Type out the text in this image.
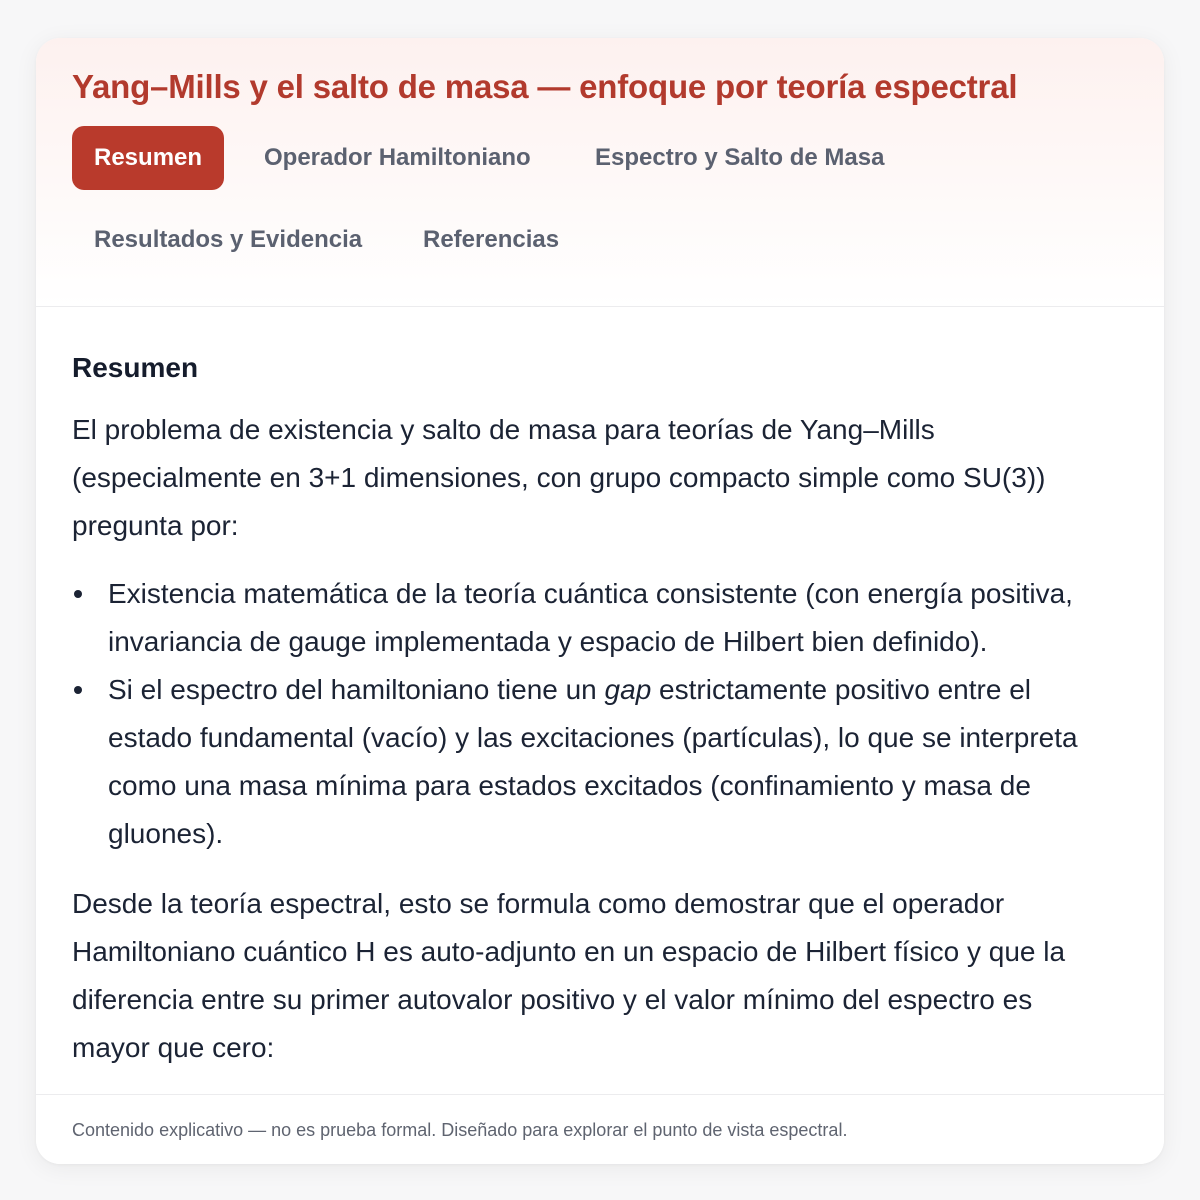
Yang–Mills y el salto de masa — enfoque por teoría espectral
Resumen	Operador Hamiltoniano	Espectro y Salto de Masa
Resultados y Evidencia	Referencias
Resumen

El problema de existencia y salto de masa para teorías de Yang–Mills (especialmente en 3+1 dimensiones, con grupo compacto simple como SU(3)) pregunta por:

Existencia matemática de la teoría cuántica consistente (con energía positiva, invariancia de gauge implementada y espacio de Hilbert bien definido).
Si el espectro del hamiltoniano tiene un gap estrictamente positivo entre el estado fundamental (vacío) y las excitaciones (partículas), lo que se interpreta como una masa mínima para estados excitados (confinamiento y masa de gluones).

Desde la teoría espectral, esto se formula como demostrar que el operador Hamiltoniano cuántico H es auto-adjunto en un espacio de Hilbert físico y que la diferencia entre su primer autovalor positivo y el valor mínimo del espectro es mayor que cero:

Contenido explicativo — no es prueba formal. Diseñado para explorar el punto de vista espectral.
